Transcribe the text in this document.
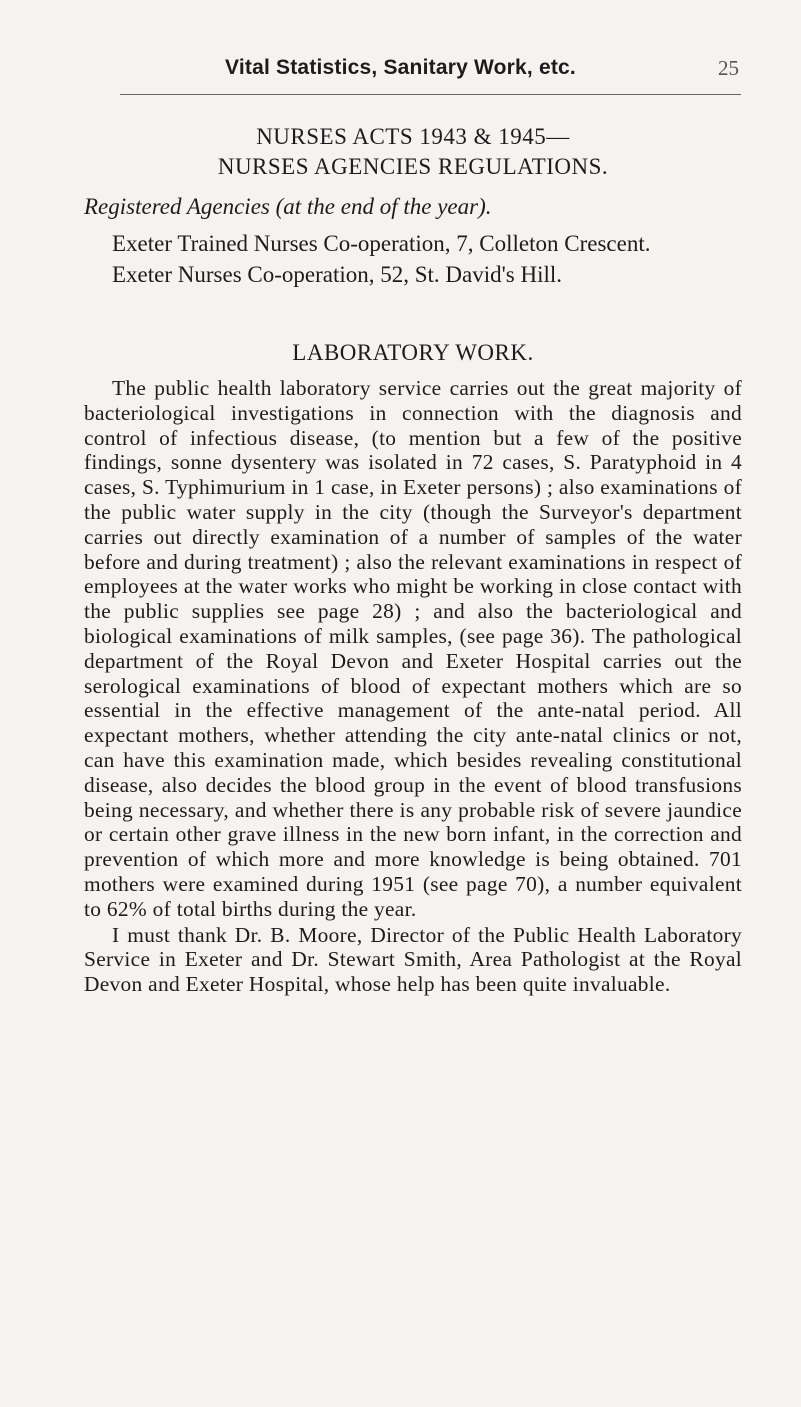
Vital Statistics, Sanitary Work, etc.	25
NURSES ACTS 1943 & 1945—
NURSES AGENCIES REGULATIONS.

Registered Agencies (at the end of the year).

Exeter Trained Nurses Co-operation, 7, Colleton Crescent.

Exeter Nurses Co-operation, 52, St. David's Hill.

LABORATORY WORK.

The public health laboratory service carries out the great majority of bacteriological investigations in connection with the diagnosis and control of infectious disease, (to mention but a few of the positive findings, sonne dysentery was isolated in 72 cases, S. Paratyphoid in 4 cases, S. Typhimurium in 1 case, in Exeter persons) ; also examinations of the public water supply in the city (though the Surveyor's department carries out directly examination of a number of samples of the water before and during treatment) ; also the relevant examinations in respect of employees at the water works who might be working in close contact with the public supplies see page 28) ; and also the bacteriological and biological examinations of milk samples, (see page 36). The pathological department of the Royal Devon and Exeter Hospital carries out the serological examinations of blood of expectant mothers which are so essential in the effective management of the ante-natal period. All expectant mothers, whether attending the city ante-natal clinics or not, can have this examination made, which besides revealing constitutional disease, also decides the blood group in the event of blood transfusions being necessary, and whether there is any probable risk of severe jaundice or certain other grave illness in the new born infant, in the correction and prevention of which more and more knowledge is being obtained. 701 mothers were examined during 1951 (see page 70), a number equivalent to 62% of total births during the year.

I must thank Dr. B. Moore, Director of the Public Health Laboratory Service in Exeter and Dr. Stewart Smith, Area Pathologist at the Royal Devon and Exeter Hospital, whose help has been quite invaluable.
